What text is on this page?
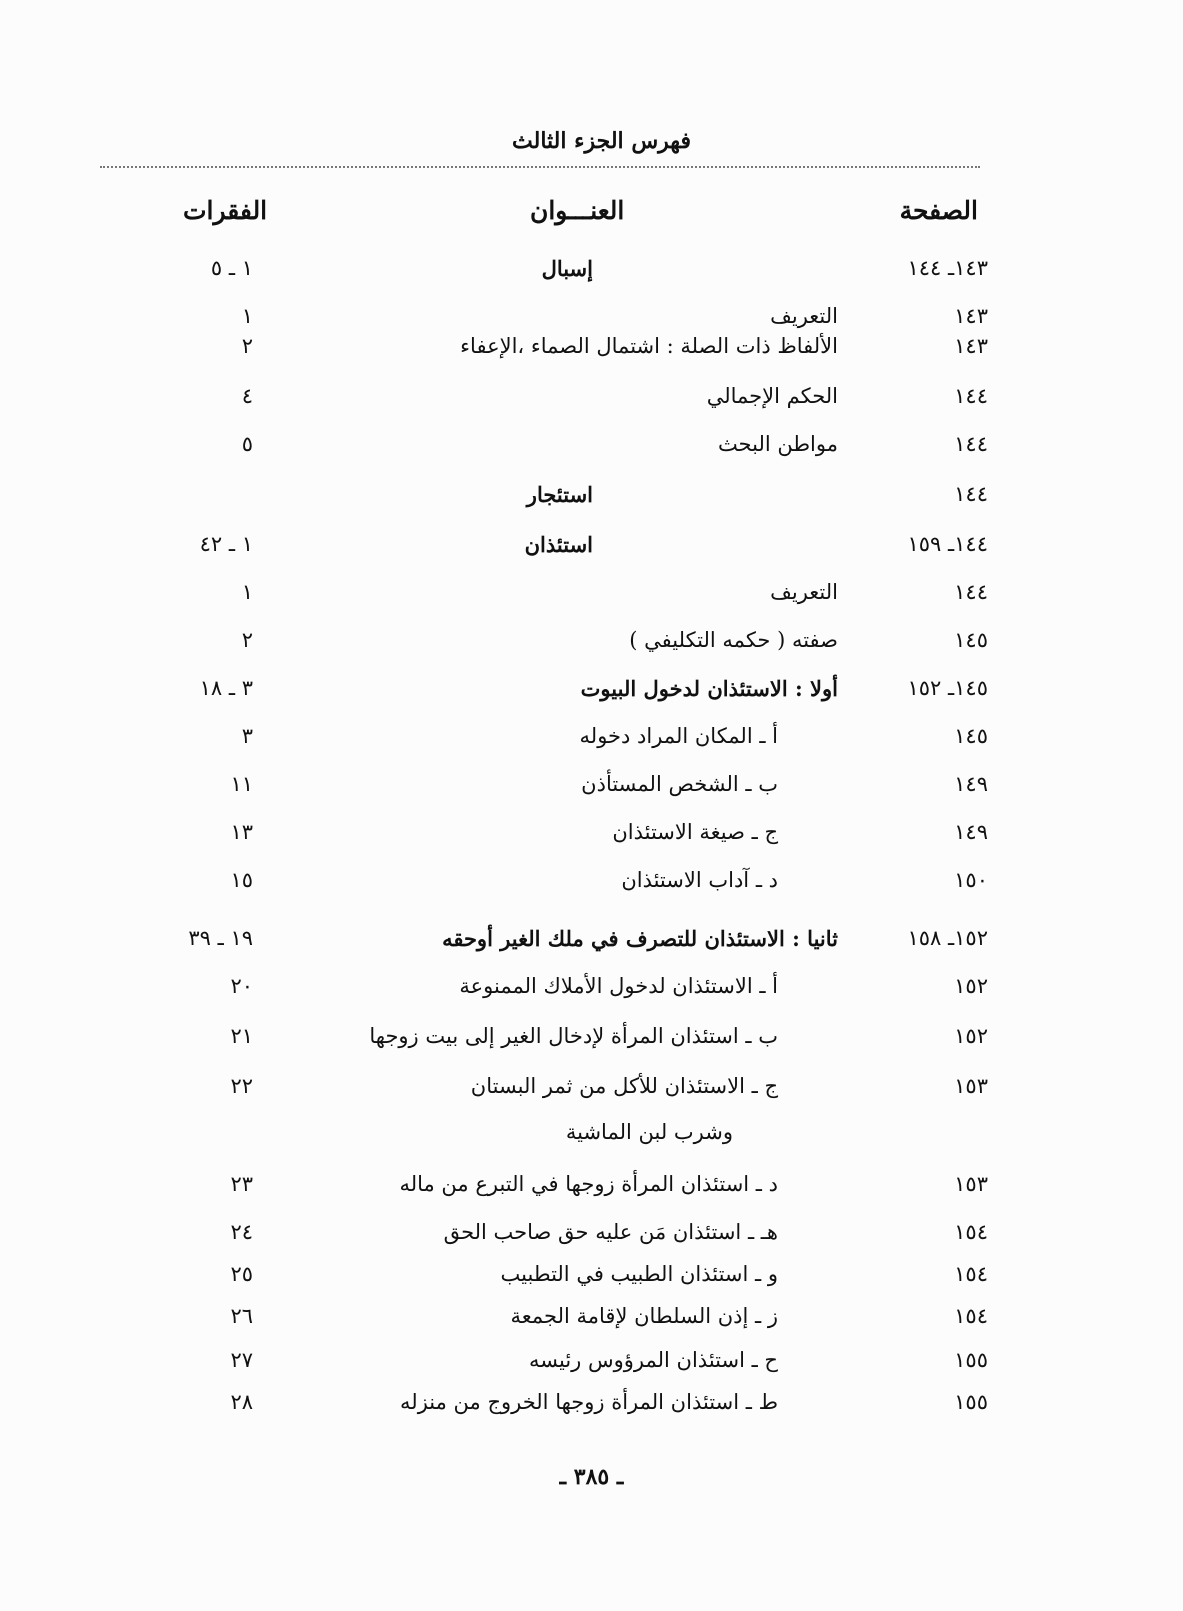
فهرس الجزء الثالث
الصفحة
العنـــوان
الفقرات
١٤٣ـ ١٤٤
إسبال
١ ـ ٥
١٤٣
التعريف
١
١٤٣
الألفاظ ذات الصلة : اشتمال الصماء ،الإعفاء
٢
١٤٤
الحكم الإجمالي
٤
١٤٤
مواطن البحث
٥
١٤٤
استئجار
١٤٤ـ ١٥٩
استئذان
١ ـ ٤٢
١٤٤
التعريف
١
١٤٥
صفته ( حكمه التكليفي )
٢
١٤٥ـ ١٥٢
أولا : الاستئذان لدخول البيوت
٣ ـ ١٨
١٤٥
أ ـ المكان المراد دخوله
٣
١٤٩
ب ـ الشخص المستأذن
١١
١٤٩
ج ـ صيغة الاستئذان
١٣
١٥٠
د ـ آداب الاستئذان
١٥
١٥٢ـ ١٥٨
ثانيا : الاستئذان للتصرف في ملك الغير أوحقه
١٩ ـ ٣٩
١٥٢
أ ـ الاستئذان لدخول الأملاك الممنوعة
٢٠
١٥٢
ب ـ استئذان المرأة لإدخال الغير إلى بيت زوجها
٢١
١٥٣
ج ـ الاستئذان للأكل من ثمر البستان
٢٢
وشرب لبن الماشية
١٥٣
د ـ استئذان المرأة زوجها في التبرع من ماله
٢٣
١٥٤
هـ ـ استئذان مَن عليه حق صاحب الحق
٢٤
١٥٤
و ـ استئذان الطبيب في التطبيب
٢٥
١٥٤
ز ـ إذن السلطان لإقامة الجمعة
٢٦
١٥٥
ح ـ استئذان المرؤوس رئيسه
٢٧
١٥٥
ط ـ استئذان المرأة زوجها الخروج من منزله
٢٨
ـ ٣٨٥ ـ
